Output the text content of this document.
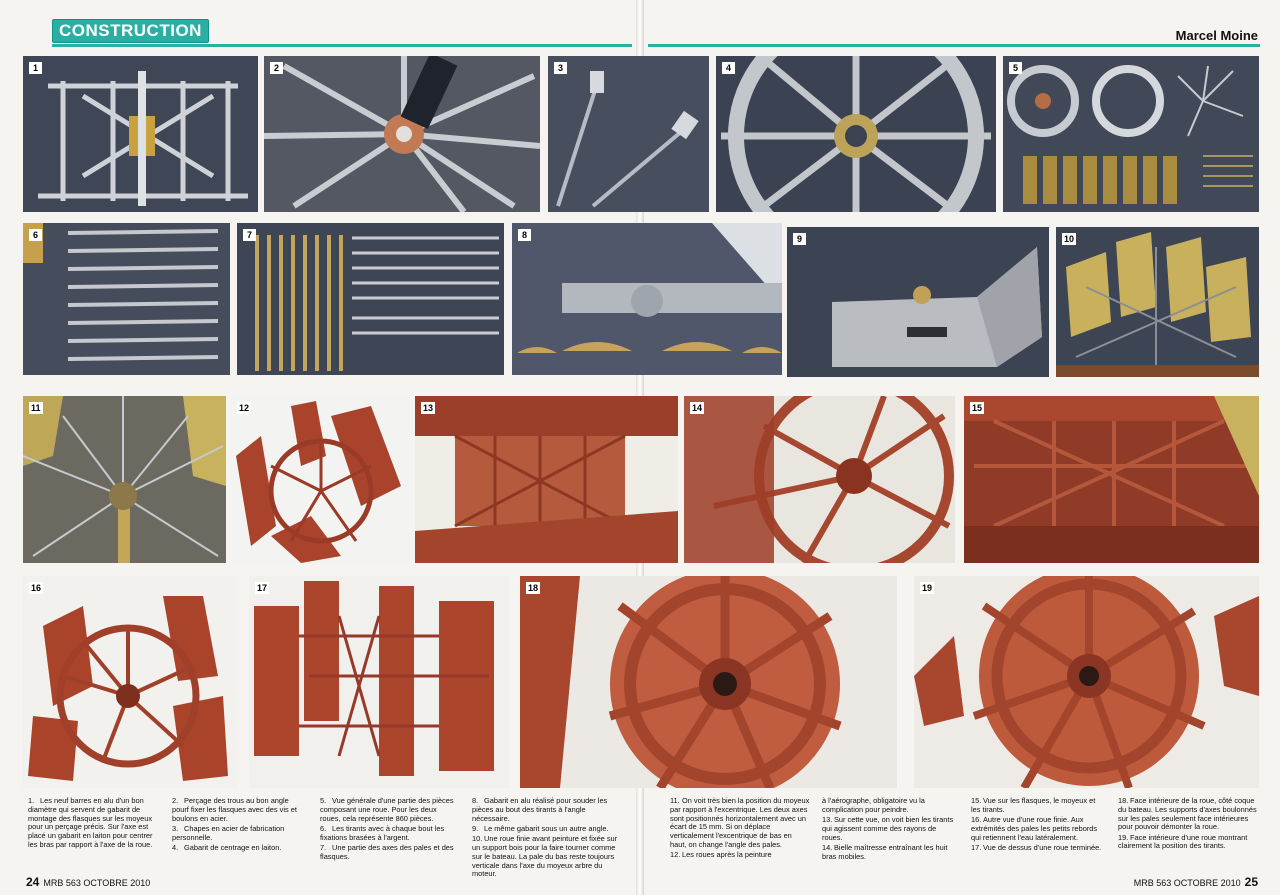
CONSTRUCTION	Marcel Moine
1	2	3	4	5
6	7	8	9	10
11	12	13	14	15
16	17	18	19

1. Les neuf barres en alu d'un bon diamètre qui servent de gabarit de montage des flasques sur les moyeux pour un perçage précis. Sur l'axe est placé un gabarit en laiton pour centrer les bras par rapport à l'axe de la roue.

2. Perçage des trous au bon angle pourf fixer les flasques avec des vis et boulons en acier.

3. Chapes en acier de fabrication personnelle.

4. Gabarit de centrage en laiton.

5. Vue générale d'une partie des pièces composant une roue. Pour les deux roues, cela représente 860 pièces.

6. Les tirants avec à chaque bout les fixations brasées à l'argent.

7. Une partie des axes des pales et des flasques.

8. Gabarit en alu réalisé pour souder les pièces au bout des tirants à l'angle nécessaire.

9. Le même gabarit sous un autre angle.

10. Une roue finie avant peinture et fixée sur un support bois pour la faire tourner comme sur le bateau. La pale du bas reste toujours verticale dans l'axe du moyeux arbre du moteur.

11. On voit très bien la position du moyeux par rapport à l'excentrique. Les deux axes sont positionnés horizontalement avec un écart de 15 mm. Si on déplace verticalement l'excentrique de bas en haut, on change l'angle des pales.

12. Les roues après la peinture

à l'aérographe, obligatoire vu la complication pour peindre.

13. Sur cette vue, on voit bien les tirants qui agissent comme des rayons de roues.

14. Bielle maîtresse entraînant les huit bras mobiles.

15. Vue sur les flasques, le moyeux et les tirants.

16. Autre vue d'une roue finie. Aux extrémités des pales les petits rebords qui retiennent l'eau latéralement.

17. Vue de dessus d'une roue terminée.

18. Face intérieure de la roue, côté coque du bateau. Les supports d'axes boulonnés sur les pales seulement face intérieures pour pouvoir démonter la roue.

19. Face intérieure d'une roue montrant clairement la position des tirants.

24 MRB 563 OCTOBRE 2010	MRB 563 OCTOBRE 2010 25
